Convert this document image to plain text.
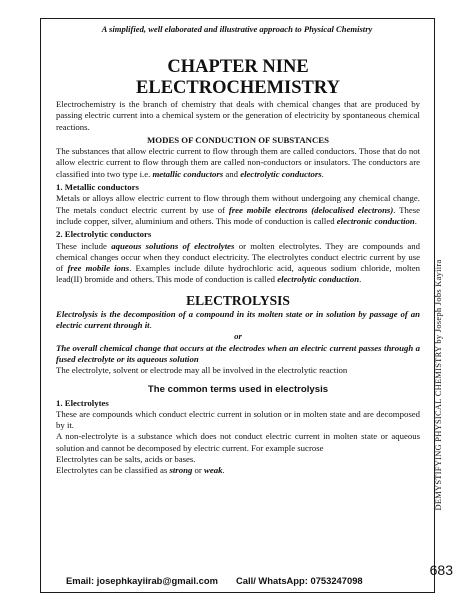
A simplified, well elaborated and illustrative approach to Physical Chemistry
CHAPTER NINE
ELECTROCHEMISTRY

Electrochemistry is the branch of chemistry that deals with chemical changes that are produced by passing electric current into a chemical system or the generation of electricity by spontaneous chemical reactions.

MODES OF CONDUCTION OF SUBSTANCES

The substances that allow electric current to flow through them are called conductors. Those that do not allow electric current to flow through them are called non-conductors or insulators. The conductors are classified into two type i.e. metallic conductors and electrolytic conductors.

1. Metallic conductors

Metals or alloys allow electric current to flow through them without undergoing any chemical change. The metals conduct electric current by use of free mobile electrons (delocalised electrons). These include copper, silver, aluminium and others. This mode of conduction is called electronic conduction.

2. Electrolytic conductors

These include aqueous solutions of electrolytes or molten electrolytes. They are compounds and chemical changes occur when they conduct electricity. The electrolytes conduct electric current by use of free mobile ions. Examples include dilute hydrochloric acid, aqueous sodium chloride, molten lead(II) bromide and others. This mode of conduction is called electrolytic conduction.

ELECTROLYSIS

Electrolysis is the decomposition of a compound in its molten state or in solution by passage of an electric current through it.

or

The overall chemical change that occurs at the electrodes when an electric current passes through a fused electrolyte or its aqueous solution

The electrolyte, solvent or electrode may all be involved in the electrolytic reaction

The common terms used in electrolysis
1. Electrolytes

These are compounds which conduct electric current in solution or in molten state and are decomposed by it.

A non-electrolyte is a substance which does not conduct electric current in molten state or aqueous solution and cannot be decomposed by electric current. For example sucrose

Electrolytes can be salts, acids or bases.

Electrolytes can be classified as strong or weak.	DEMYSTIFYING PHYSICAL CHEMISTRY by Joseph Jobs Kayiira
683
Email: josephkayiirab@gmail.com Call/ WhatsApp: 0753247098
